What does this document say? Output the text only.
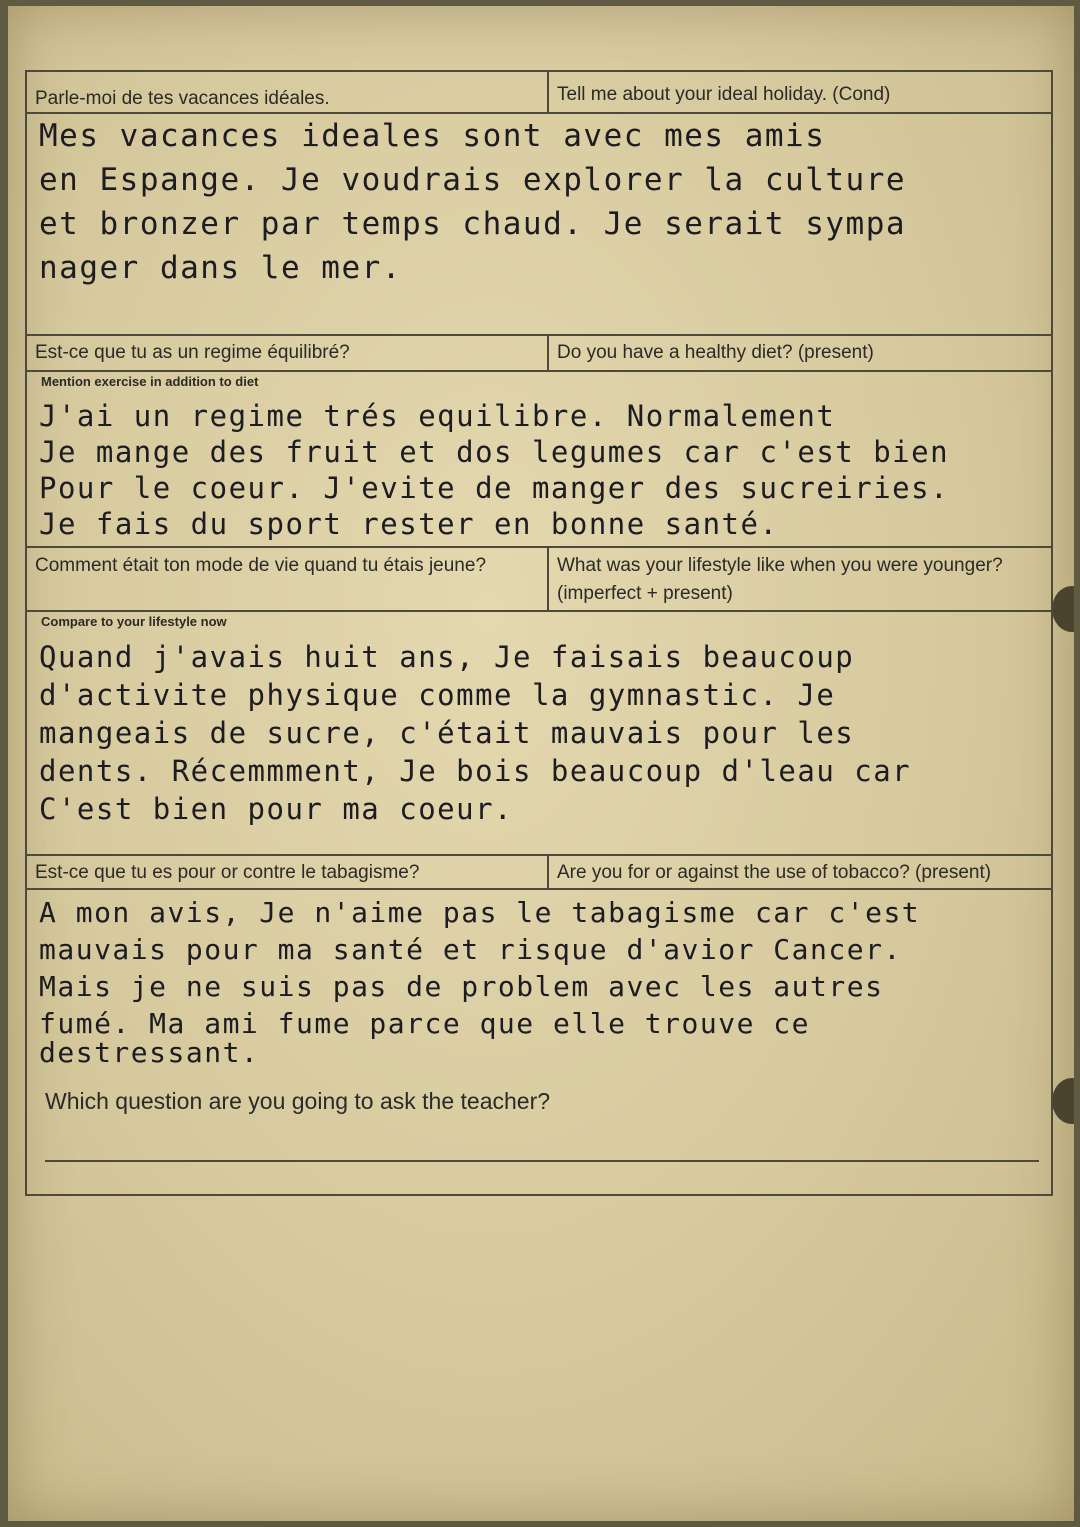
Parle-moi de tes vacances idéales.	Tell me about your ideal holiday. (Cond)
Mes vacances ideales sont avec mes amis
en Espange. Je voudrais explorer la culture
et bronzer par temps chaud. Je serait sympa
nager dans le mer.
Est-ce que tu as un regime équilibré?	Do you have a healthy diet? (present)
Mention exercise in addition to diet
J'ai un regime trés equilibre. Normalement
Je mange des fruit et dos legumes car c'est bien
Pour le coeur. J'evite de manger des sucreiries.
Je fais du sport rester en bonne santé.
Comment était ton mode de vie quand tu étais jeune?	What was your lifestyle like when you were younger? (imperfect + present)
Compare to your lifestyle now
Quand j'avais huit ans, Je faisais beaucoup
d'activite physique comme la gymnastic. Je
mangeais de sucre, c'était mauvais pour les
dents. Récemmment, Je bois beaucoup d'leau car
C'est bien pour ma coeur.
Est-ce que tu es pour or contre le tabagisme?	Are you for or against the use of tobacco? (present)
A mon avis, Je n'aime pas le tabagisme car c'est
mauvais pour ma santé et risque d'avior Cancer.
Mais je ne suis pas de problem avec les autres
fumé. Ma ami fume parce que elle trouve ce
destressant.
Which question are you going to ask the teacher?
